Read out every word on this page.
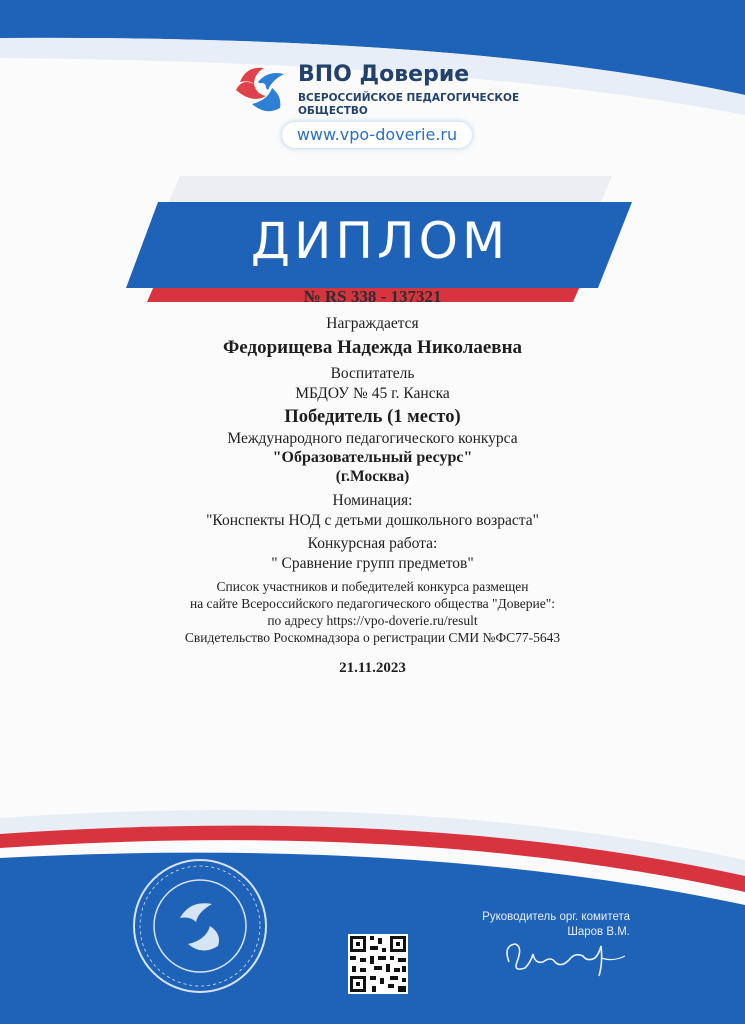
ВПО Доверие
ВСЕРОССИЙСКОЕ ПЕДАГОГИЧЕСКОЕ ОБЩЕСТВО
www.vpo-doverie.ru
ДИПЛОМ
№ RS 338 - 137321
Награждается
Федорищева Надежда Николаевна
Воспитатель
МБДОУ № 45 г. Канска
Победитель (1 место)
Международного педагогического конкурса
"Образовательный ресурс"
(г.Москва)
Номинация:
"Конспекты НОД с детьми дошкольного возраста"
Конкурсная работа:
" Сравнение групп предметов"
Список участников и победителей конкурса размещен
на сайте Всероссийского педагогического общества "Доверие":
по адресу https://vpo-doverie.ru/result
Свидетельство Роскомнадзора о регистрации СМИ №ФС77-5643
21.11.2023
Руководитель орг. комитета
Шаров В.М.
